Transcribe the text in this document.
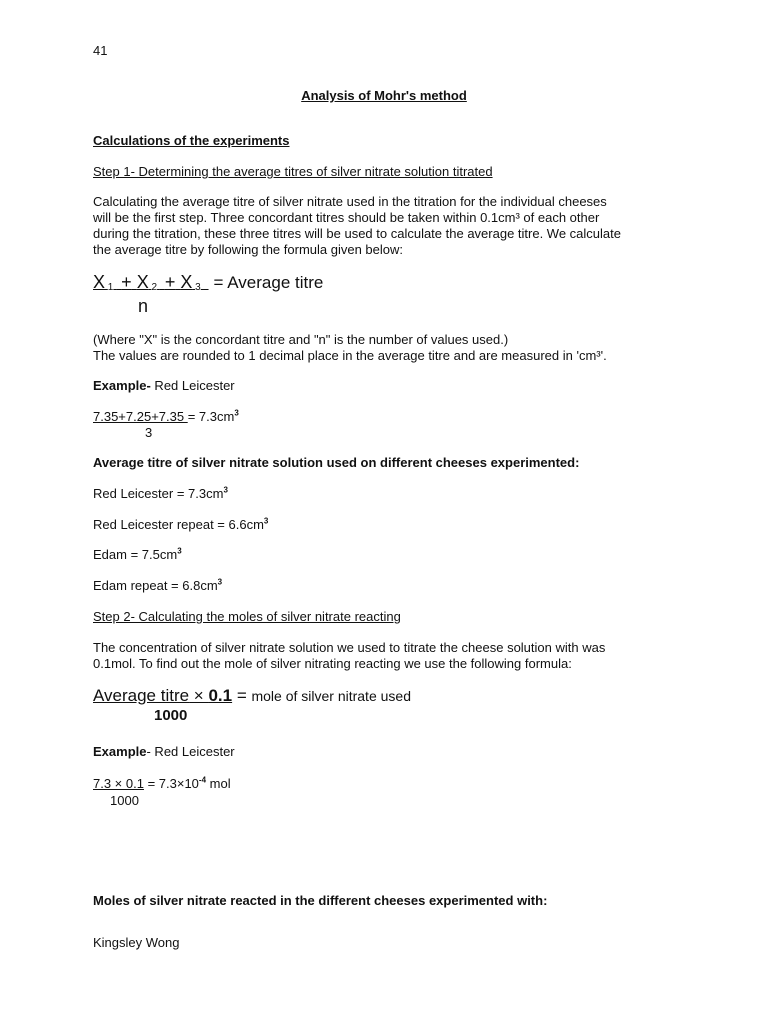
41
Analysis of Mohr's method
Calculations of the experiments
Step 1- Determining the average titres of silver nitrate solution titrated
Calculating the average titre of silver nitrate used in the titration for the individual cheeses
will be the first step. Three concordant titres should be taken within 0.1cm³ of each other
during the titration, these three titres will be used to calculate the average titre. We calculate
the average titre by following the formula given below:
X $_1$ + X $_2$ + X $_3$ = Average titre
n
(Where "X" is the concordant titre and "n" is the number of values used.)
The values are rounded to 1 decimal place in the average titre and are measured in 'cm³'.
Example- Red Leicester
$7.35+7.25+7.35 = 7.3cm^3$
3
Average titre of silver nitrate solution used on different cheeses experimented:
Red Leicester = $7.3cm^3$
Red Leicester repeat = $6.6cm^3$
Edam = $7.5cm^3$
Edam repeat = $6.8cm^3$
Step 2- Calculating the moles of silver nitrate reacting
The concentration of silver nitrate solution we used to titrate the cheese solution with was
0.1mol. To find out the mole of silver nitrating reacting we use the following formula:
Average titre × 0.1 = mole of silver nitrate used
1000
Example- Red Leicester
$7.3 \times 0.1 = 7.3\times 10^{-4}$ mol
1000
Moles of silver nitrate reacted in the different cheeses experimented with:
Kingsley Wong
